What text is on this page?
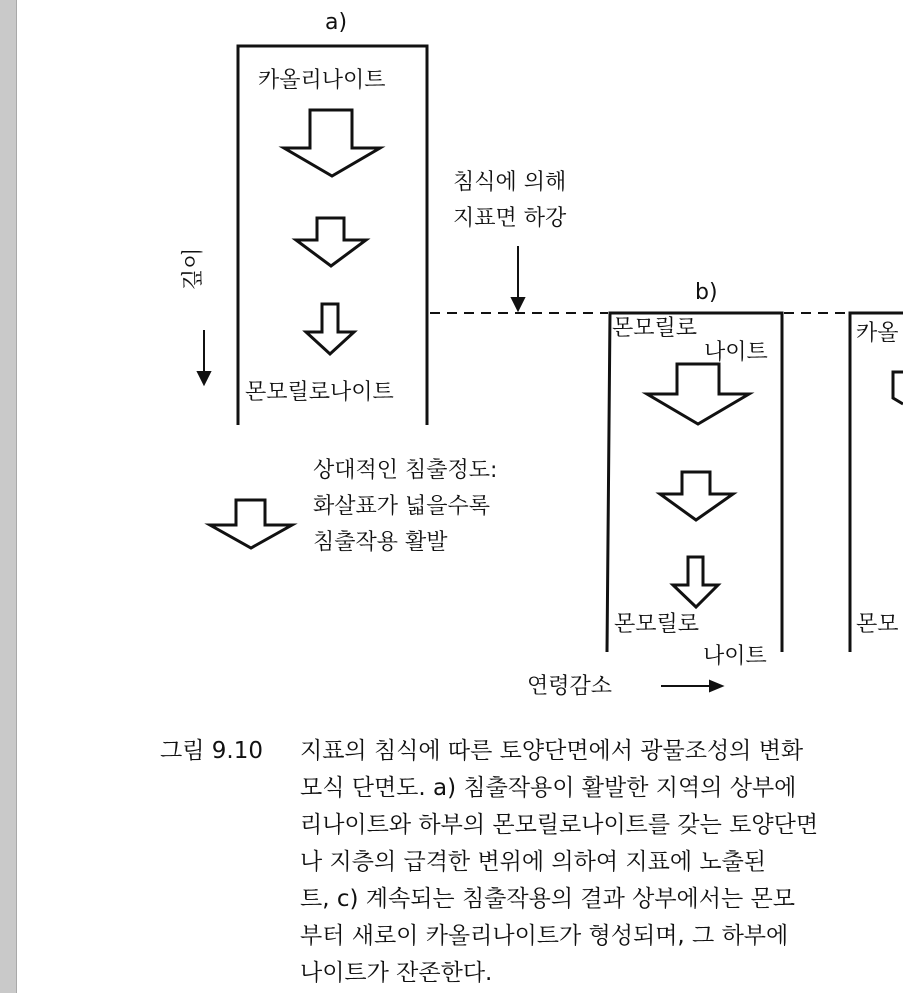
a)
카올리나이트
몬모릴로나이트
b)
몬모릴로
나이트
몬모릴로
나이트
카올
몬모
깊이
침식에 의해
지표면 하강
상대적인 침출정도:
화살표가 넓을수록
침출작용 활발
연령감소
그림 9.10	지표의 침식에 따른 토양단면에서 광물조성의 변화
모식 단면도. a) 침출작용이 활발한 지역의 상부에
리나이트와 하부의 몬모릴로나이트를 갖는 토양단면
나 지층의 급격한 변위에 의하여 지표에 노출된
트, c) 계속되는 침출작용의 결과 상부에서는 몬모
부터 새로이 카올리나이트가 형성되며, 그 하부에
나이트가 잔존한다.
